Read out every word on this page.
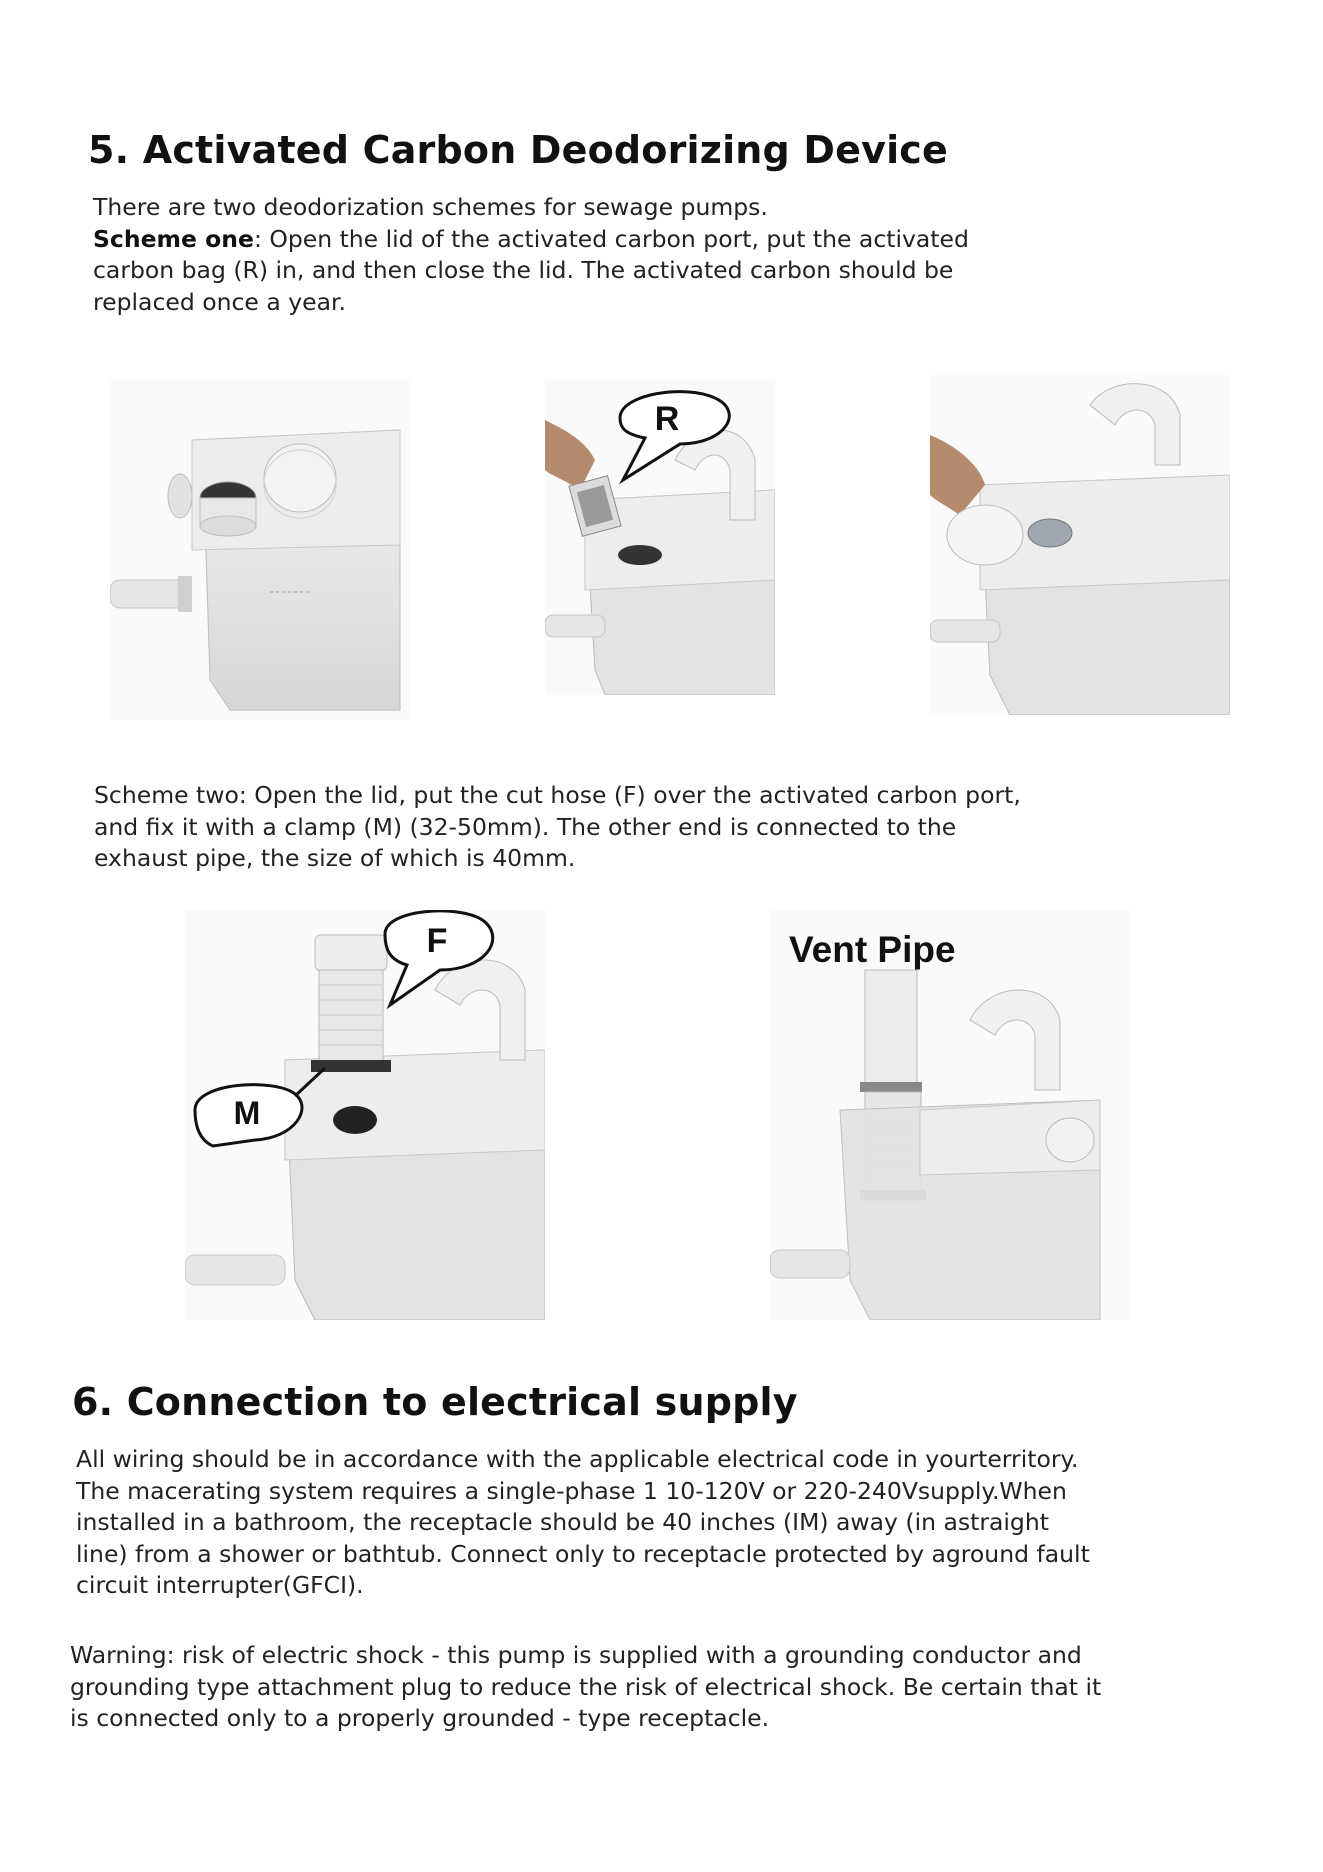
5. Activated Carbon Deodorizing Device
There are two deodorization schemes for sewage pumps.
Scheme one: Open the lid of the activated carbon port, put the activated
carbon bag (R) in, and then close the lid. The activated carbon should be
replaced once a year.
R
Scheme two: Open the lid, put the cut hose (F) over the activated carbon port,
and fix it with a clamp (M) (32-50mm). The other end is connected to the
exhaust pipe, the size of which is 40mm.
F
M
Vent Pipe
6. Connection to electrical supply
All wiring should be in accordance with the applicable electrical code in yourterritory.
The macerating system requires a single-phase 1 10-120V or 220-240Vsupply.When
installed in a bathroom, the receptacle should be 40 inches (IM) away (in astraight
line) from a shower or bathtub. Connect only to receptacle protected by aground fault
circuit interrupter(GFCI).
Warning: risk of electric shock - this pump is supplied with a grounding conductor and
grounding type attachment plug to reduce the risk of electrical shock. Be certain that it
is connected only to a properly grounded - type receptacle.
